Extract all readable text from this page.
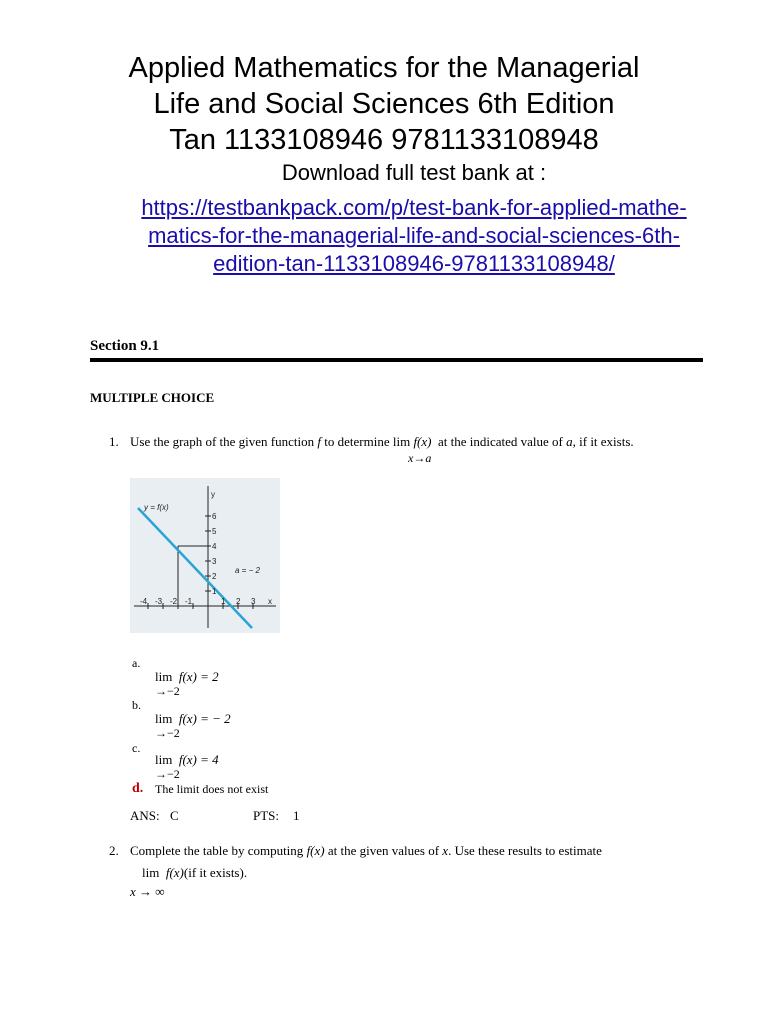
Applied Mathematics for the Managerial
Life and Social Sciences 6th Edition
Tan 1133108946 9781133108948
Download full test bank at :
https://testbankpack.com/p/test-bank-for-applied-mathe-
matics-for-the-managerial-life-and-social-sciences-6th-
edition-tan-1133108946-9781133108948/
Section 9.1
MULTIPLE CHOICE
1. Use the graph of the given function f to determine lim f(x) at the indicated value of a, if it exists.
x→a
y = f(x)
a = − 2
y
x
6
5
4
3
2
1
-4 -3 -2 -1	1 2 3
a.
lim f(x) = 2
→−2
b.
lim f(x) = − 2
→−2
c.
lim f(x) = 4
→−2
d. The limit does not exist
ANS: C	PTS: 1
2. Complete the table by computing f(x) at the given values of x. Use these results to estimate
lim f(x)(if it exists).
x → ∞
